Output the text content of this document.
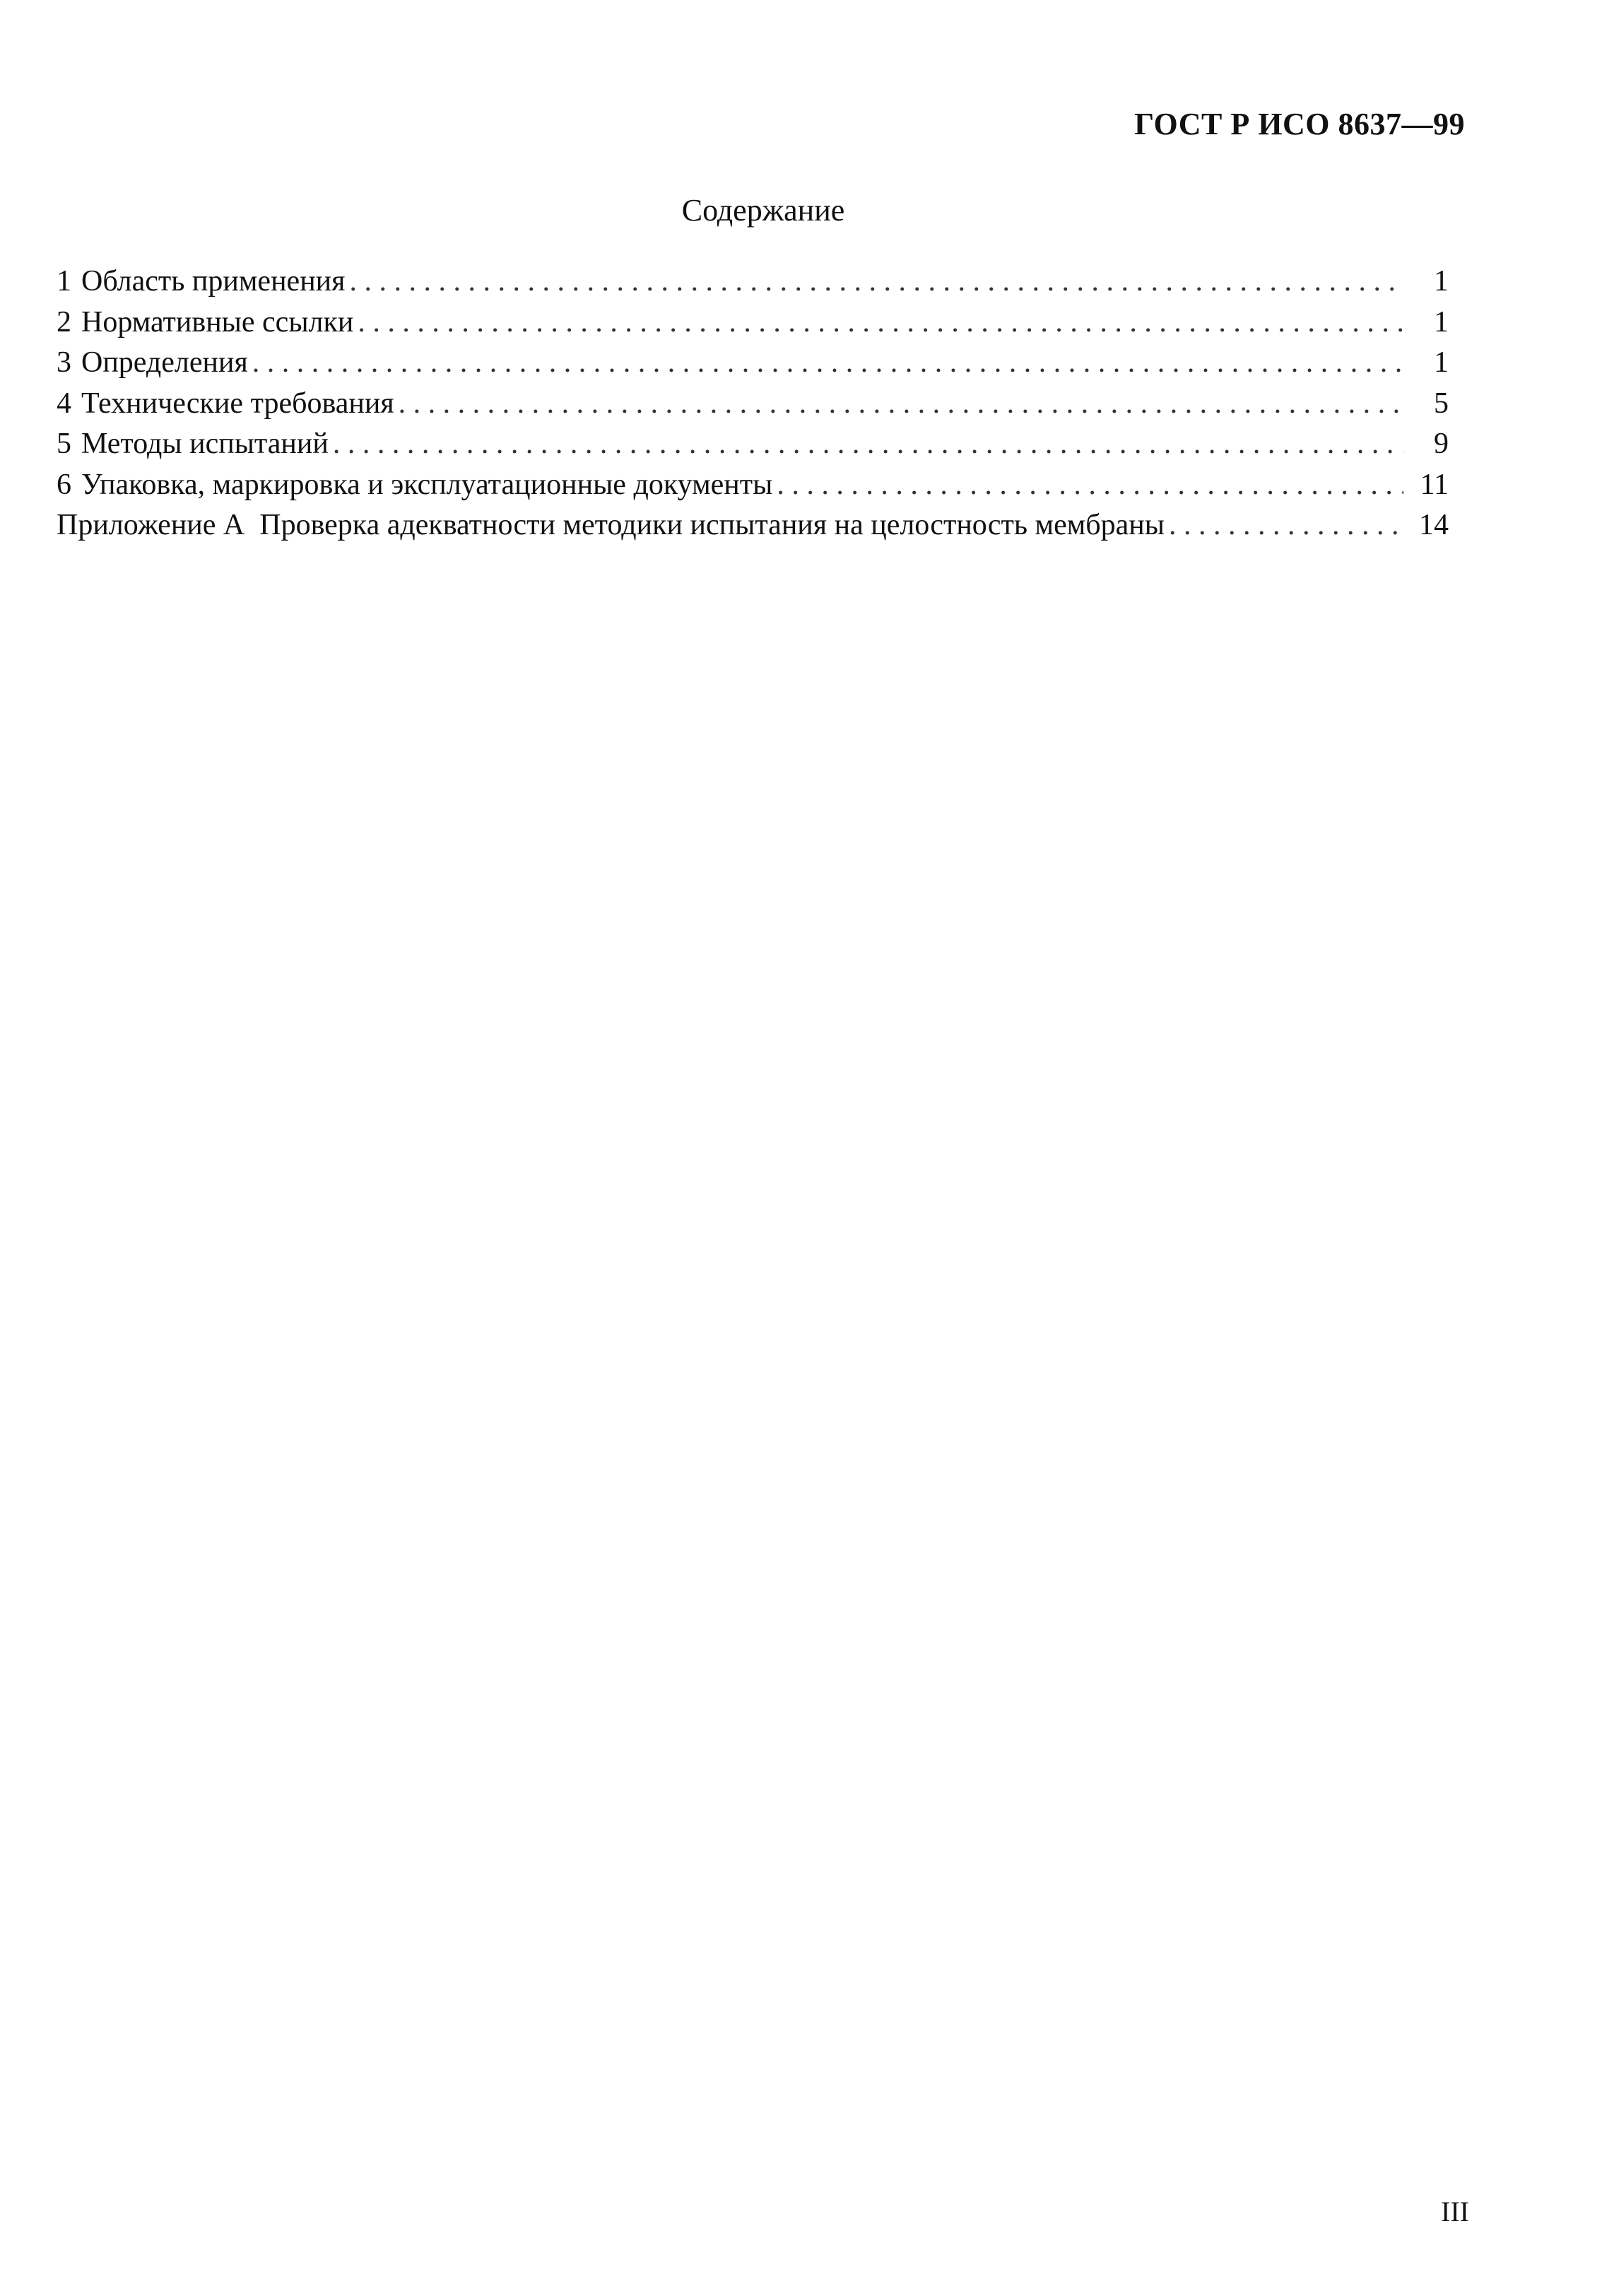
ГОСТ Р ИСО 8637—99
Содержание
1 Область применения . . .	1
2 Нормативные ссылки . . .	1
3 Определения . . .	1
4 Технические требования . . .	5
5 Методы испытаний . . .	9
6 Упаковка, маркировка и эксплуатационные документы . . .	11
Приложение А  Проверка адекватности методики испытания на целостность мембраны . . .	14
III
